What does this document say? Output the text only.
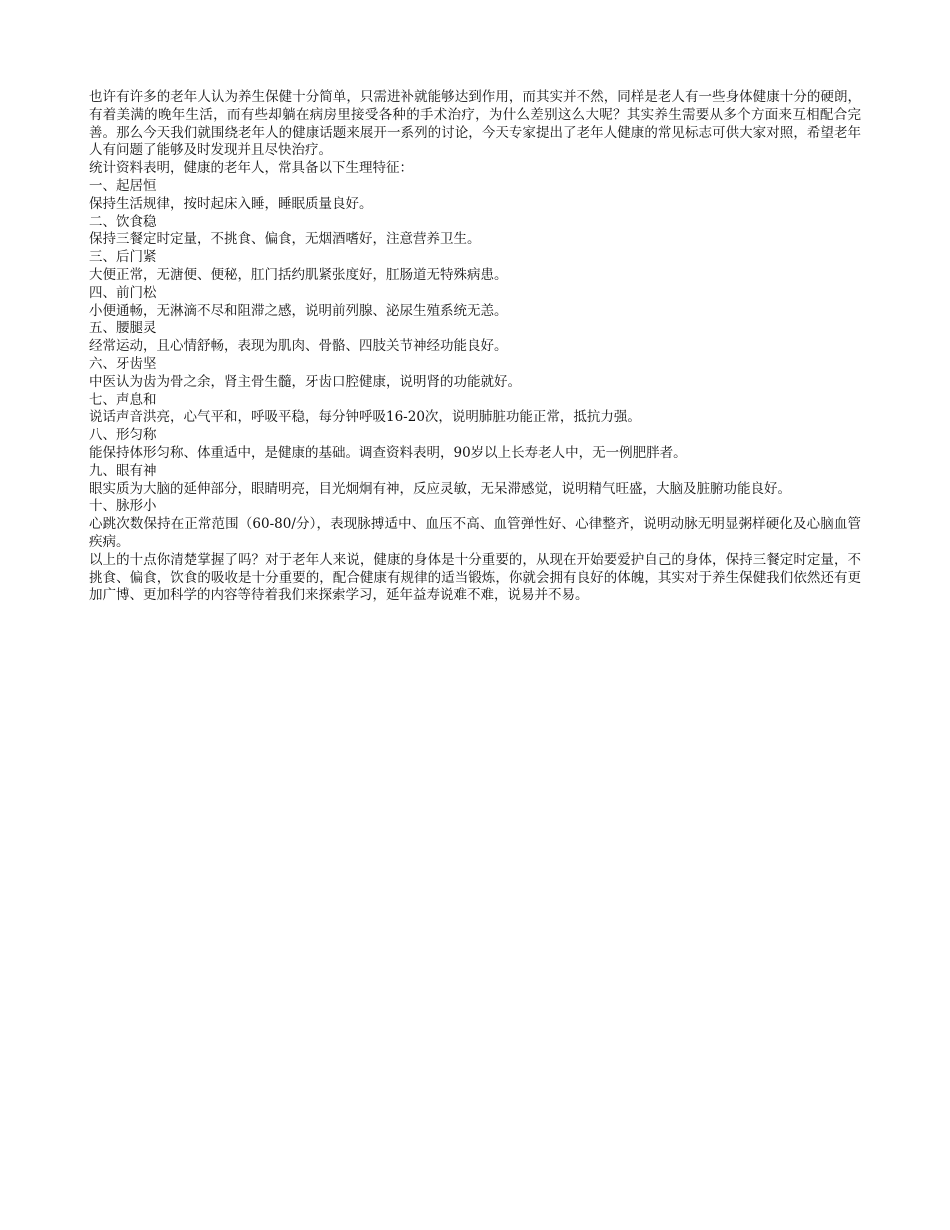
也许有许多的老年人认为养生保健十分简单，只需进补就能够达到作用，而其实并不然，同样是老人有一些身体健康十分的硬朗，有着美满的晚年生活，而有些却躺在病房里接受各种的手术治疗，为什么差别这么大呢？其实养生需要从多个方面来互相配合完善。那么今天我们就围绕老年人的健康话题来展开一系列的讨论，今天专家提出了老年人健康的常见标志可供大家对照，希望老年人有问题了能够及时发现并且尽快治疗。

统计资料表明，健康的老年人，常具备以下生理特征：

一、起居恒

保持生活规律，按时起床入睡，睡眠质量良好。

二、饮食稳

保持三餐定时定量，不挑食、偏食，无烟酒嗜好，注意营养卫生。

三、后门紧

大便正常，无溏便、便秘，肛门括约肌紧张度好，肛肠道无特殊病患。

四、前门松

小便通畅，无淋滴不尽和阻滞之感，说明前列腺、泌尿生殖系统无恙。

五、腰腿灵

经常运动，且心情舒畅，表现为肌肉、骨骼、四肢关节神经功能良好。

六、牙齿坚

中医认为齿为骨之余，肾主骨生髓，牙齿口腔健康，说明肾的功能就好。

七、声息和

说话声音洪亮，心气平和，呼吸平稳，每分钟呼吸16-20次，说明肺脏功能正常，抵抗力强。

八、形匀称

能保持体形匀称、体重适中，是健康的基础。调查资料表明，90岁以上长寿老人中，无一例肥胖者。

九、眼有神

眼实质为大脑的延伸部分，眼睛明亮，目光炯炯有神，反应灵敏，无呆滞感觉，说明精气旺盛，大脑及脏腑功能良好。

十、脉形小

心跳次数保持在正常范围（60-80/分），表现脉搏适中、血压不高、血管弹性好、心律整齐，说明动脉无明显粥样硬化及心脑血管疾病。

以上的十点你清楚掌握了吗？对于老年人来说，健康的身体是十分重要的，从现在开始要爱护自己的身体，保持三餐定时定量，不挑食、偏食，饮食的吸收是十分重要的，配合健康有规律的适当锻炼，你就会拥有良好的体魄，其实对于养生保健我们依然还有更加广博、更加科学的内容等待着我们来探索学习，延年益寿说难不难，说易并不易。
